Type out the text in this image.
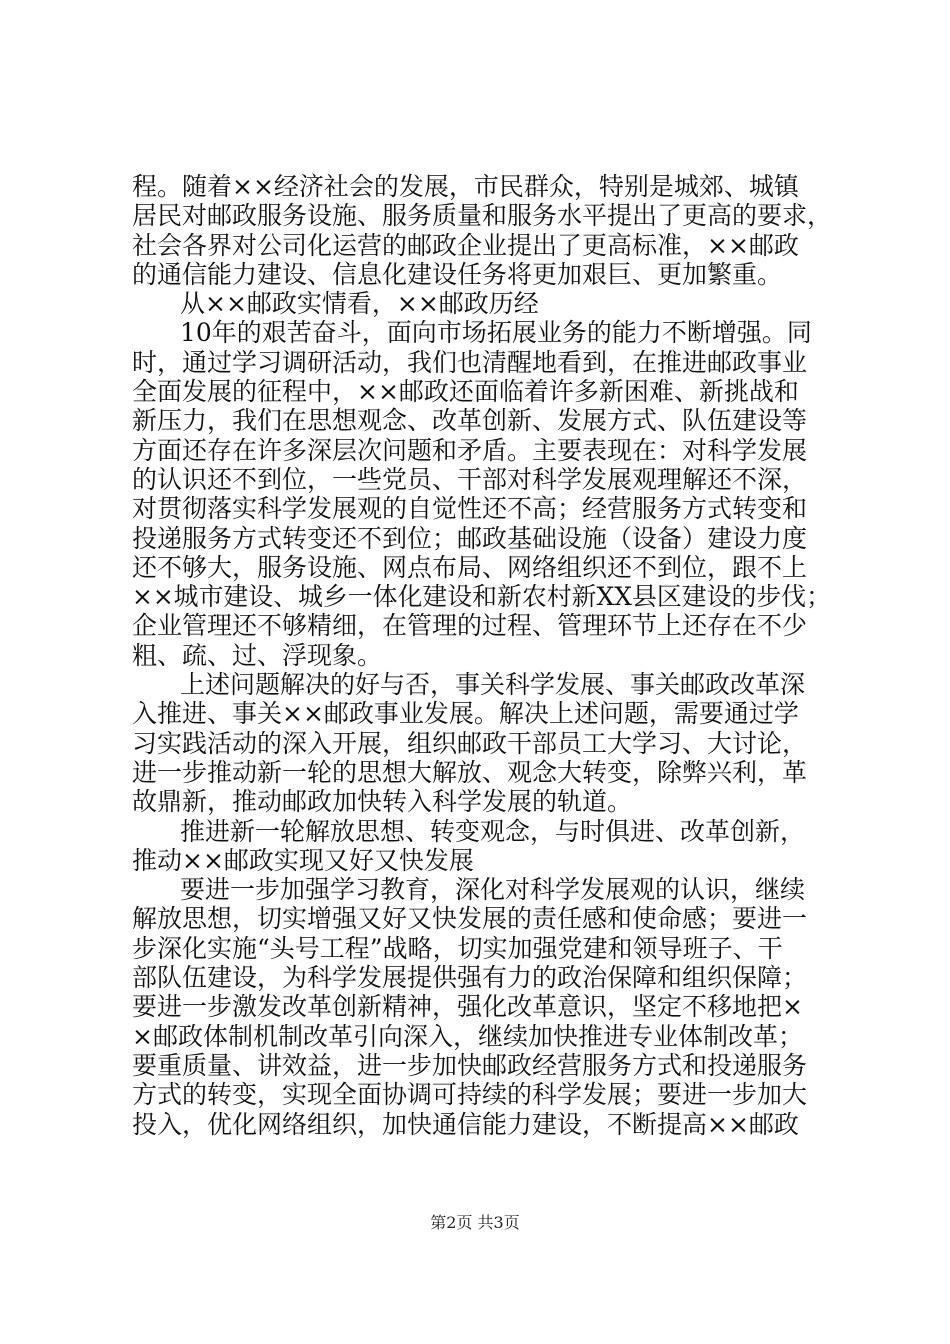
程。随着××经济社会的发展，市民群众，特别是城郊、城镇
居民对邮政服务设施、服务质量和服务水平提出了更高的要求，
社会各界对公司化运营的邮政企业提出了更高标准，××邮政
的通信能力建设、信息化建设任务将更加艰巨、更加繁重。
从××邮政实情看，××邮政历经
10年的艰苦奋斗，面向市场拓展业务的能力不断增强。同
时，通过学习调研活动，我们也清醒地看到，在推进邮政事业
全面发展的征程中，××邮政还面临着许多新困难、新挑战和
新压力，我们在思想观念、改革创新、发展方式、队伍建设等
方面还存在许多深层次问题和矛盾。主要表现在：对科学发展
的认识还不到位，一些党员、干部对科学发展观理解还不深，
对贯彻落实科学发展观的自觉性还不高；经营服务方式转变和
投递服务方式转变还不到位；邮政基础设施（设备）建设力度
还不够大，服务设施、网点布局、网络组织还不到位，跟不上
××城市建设、城乡一体化建设和新农村新XX县区建设的步伐；
企业管理还不够精细，在管理的过程、管理环节上还存在不少
粗、疏、过、浮现象。
上述问题解决的好与否，事关科学发展、事关邮政改革深
入推进、事关××邮政事业发展。解决上述问题，需要通过学
习实践活动的深入开展，组织邮政干部员工大学习、大讨论，
进一步推动新一轮的思想大解放、观念大转变，除弊兴利，革
故鼎新，推动邮政加快转入科学发展的轨道。
推进新一轮解放思想、转变观念，与时俱进、改革创新，
推动××邮政实现又好又快发展
要进一步加强学习教育，深化对科学发展观的认识，继续
解放思想，切实增强又好又快发展的责任感和使命感；要进一
步深化实施“头号工程”战略，切实加强党建和领导班子、干
部队伍建设，为科学发展提供强有力的政治保障和组织保障；
要进一步激发改革创新精神，强化改革意识，坚定不移地把×
×邮政体制机制改革引向深入，继续加快推进专业体制改革；
要重质量、讲效益，进一步加快邮政经营服务方式和投递服务
方式的转变，实现全面协调可持续的科学发展；要进一步加大
投入，优化网络组织，加快通信能力建设，不断提高××邮政
第2页 共3页
